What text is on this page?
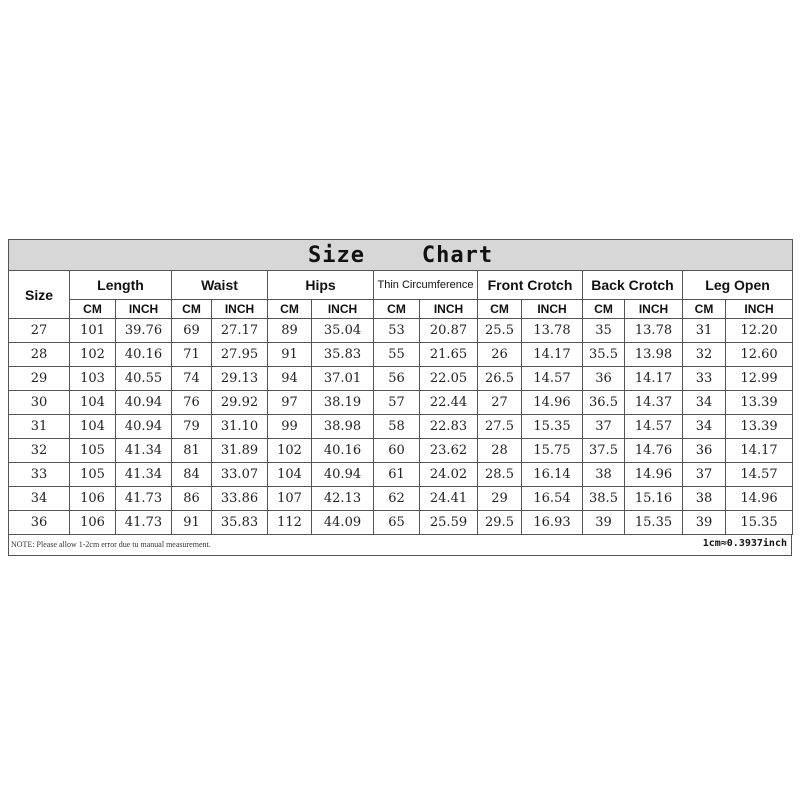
Size    Chart														
Size	Length		Waist		Hips		Thin Circumference		Front Crotch		Back Crotch		Leg Open	
	CM	INCH	CM	INCH	CM	INCH	CM	INCH	CM	INCH	CM	INCH	CM	INCH
27	101	39.76	69	27.17	89	35.04	53	20.87	25.5	13.78	35	13.78	31	12.20
28	102	40.16	71	27.95	91	35.83	55	21.65	26	14.17	35.5	13.98	32	12.60
29	103	40.55	74	29.13	94	37.01	56	22.05	26.5	14.57	36	14.17	33	12.99
30	104	40.94	76	29.92	97	38.19	57	22.44	27	14.96	36.5	14.37	34	13.39
31	104	40.94	79	31.10	99	38.98	58	22.83	27.5	15.35	37	14.57	34	13.39
32	105	41.34	81	31.89	102	40.16	60	23.62	28	15.75	37.5	14.76	36	14.17
33	105	41.34	84	33.07	104	40.94	61	24.02	28.5	16.14	38	14.96	37	14.57
34	106	41.73	86	33.86	107	42.13	62	24.41	29	16.54	38.5	15.16	38	14.96
36	106	41.73	91	35.83	112	44.09	65	25.59	29.5	16.93	39	15.35	39	15.35
NOTE: Please allow 1-2cm error due tu manual measurement.	1cm≈0.3937inch
